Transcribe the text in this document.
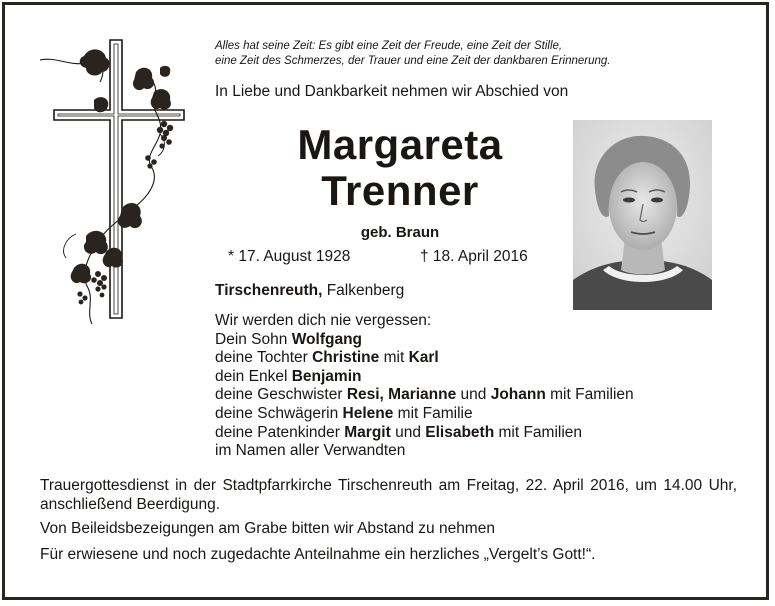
Alles hat seine Zeit: Es gibt eine Zeit der Freude, eine Zeit der Stille,
eine Zeit des Schmerzes, der Trauer und eine Zeit der dankbaren Erinnerung.
In Liebe und Dankbarkeit nehmen wir Abschied von
Margareta
Trenner
geb. Braun
* 17. August 1928	† 18. April 2016
Tirschenreuth, Falkenberg
Wir werden dich nie vergessen:
Dein Sohn Wolfgang
deine Tochter Christine mit Karl
dein Enkel Benjamin
deine Geschwister Resi, Marianne und Johann mit Familien
deine Schwägerin Helene mit Familie
deine Patenkinder Margit und Elisabeth mit Familien
im Namen aller Verwandten
Trauergottesdienst in der Stadtpfarrkirche Tirschenreuth am Freitag, 22. April 2016, um 14.00 Uhr, anschließend Beerdigung.
Von Beileidsbezeigungen am Grabe bitten wir Abstand zu nehmen
Für erwiesene und noch zugedachte Anteilnahme ein herzliches „Vergelt’s Gott!“.
